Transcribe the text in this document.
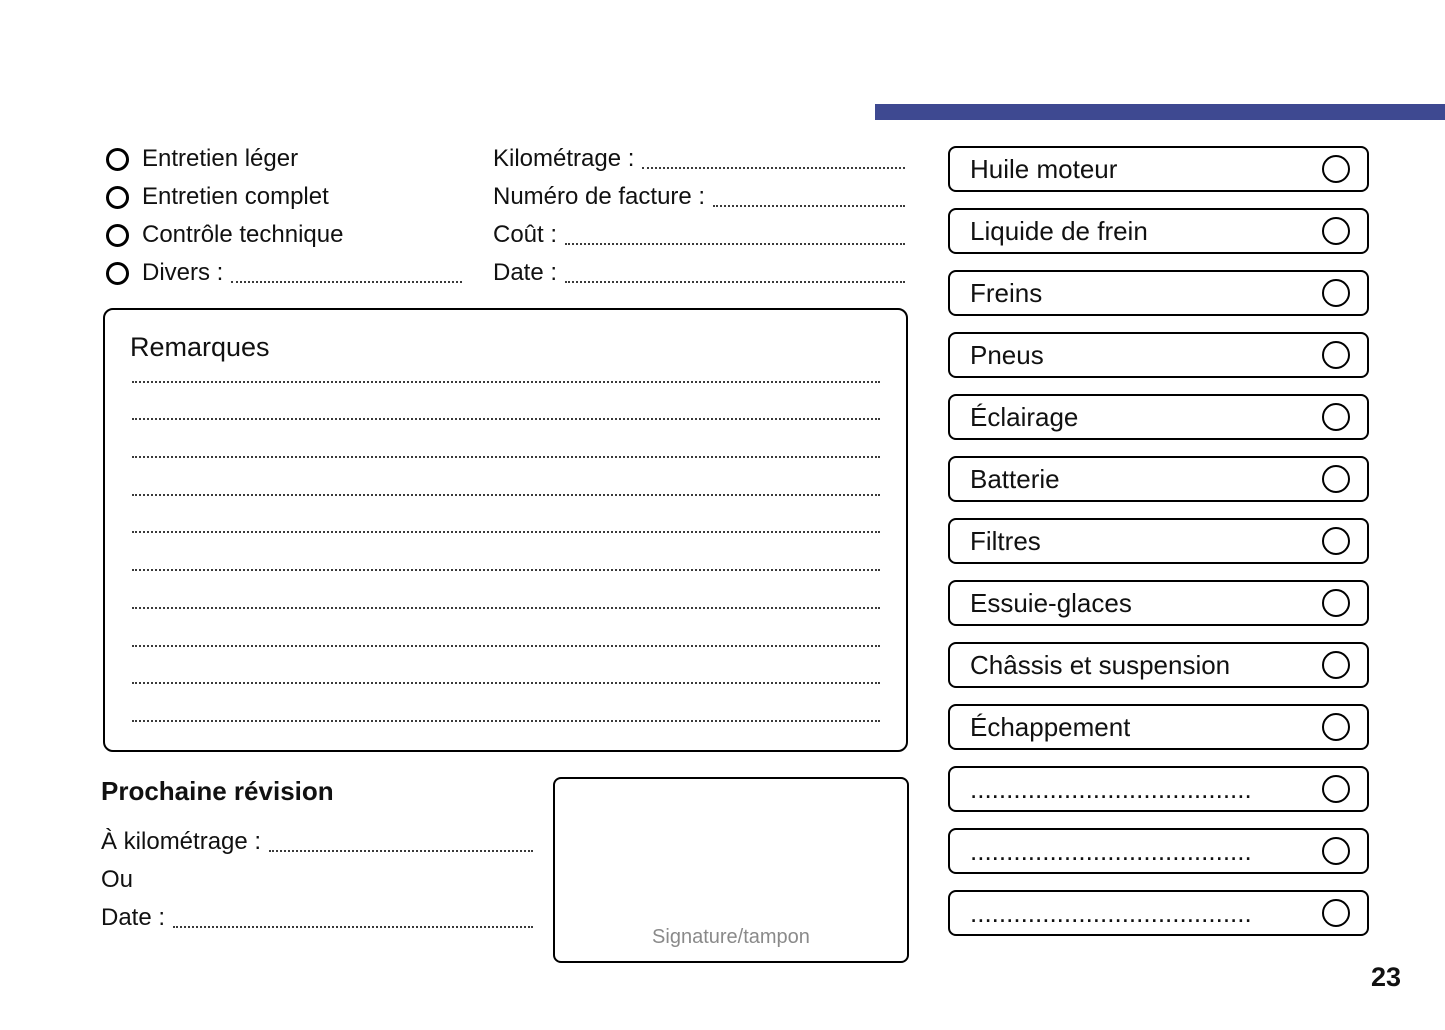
Entretien léger
Entretien complet
Contrôle technique
Divers :
Kilométrage :
Numéro de facture :
Coût :
Date :
Remarques
Prochaine révision
À kilométrage :
Ou
Date :
Signature/tampon
Huile moteur
Liquide de frein
Freins
Pneus
Éclairage
Batterie
Filtres
Essuie-glaces
Châssis et suspension
Échappement
.......................................
.......................................
.......................................
23
